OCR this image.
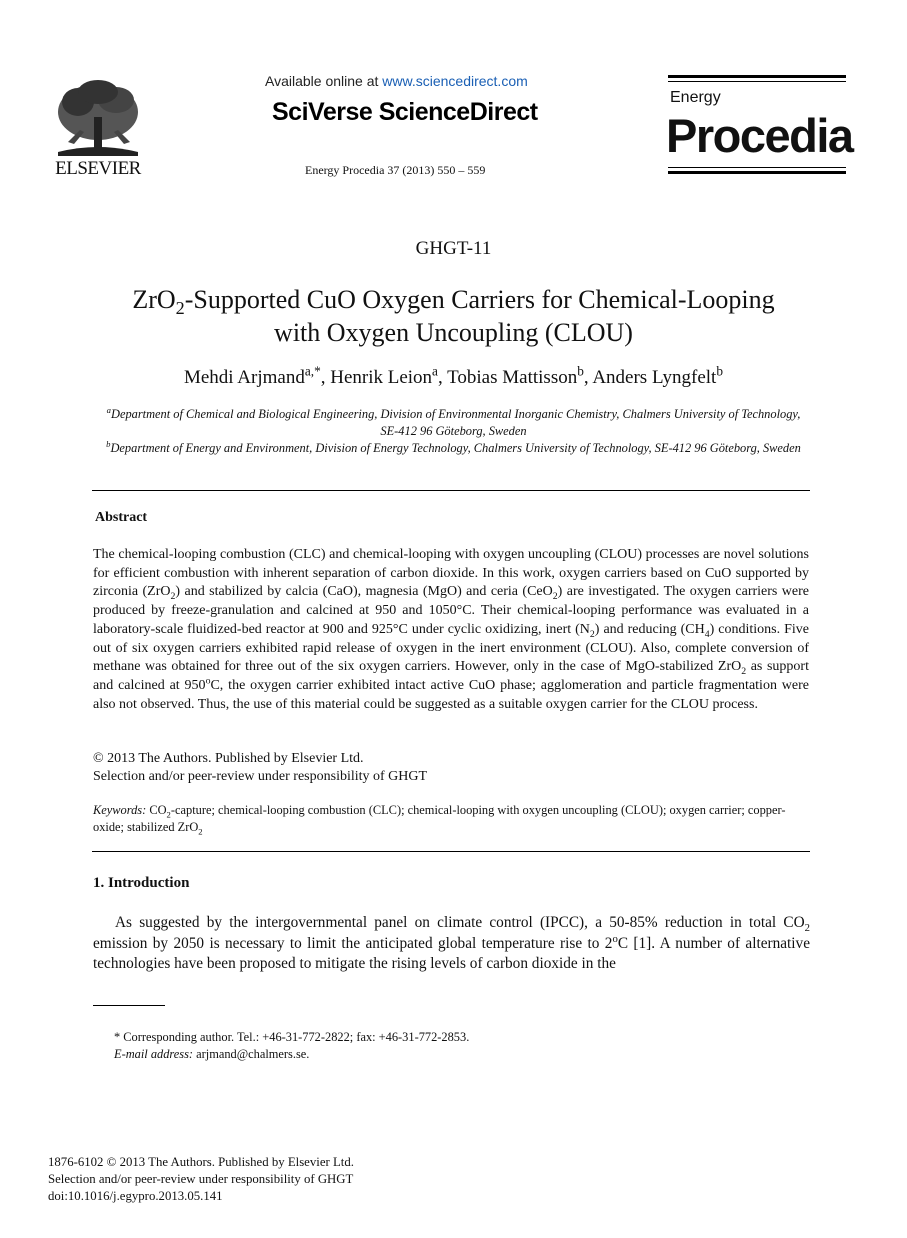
ELSEVIER
Available online at www.sciencedirect.com
SciVerse ScienceDirect
Energy Procedia 37 (2013) 550 – 559
Energy
Procedia
GHGT-11
ZrO$_2$-Supported CuO Oxygen Carriers for Chemical-Looping
with Oxygen Uncoupling (CLOU)
Mehdi Arjmand$^{a,*}$, Henrik Leion$^a$, Tobias Mattisson$^b$, Anders Lyngfelt$^b$
$^a$Department of Chemical and Biological Engineering, Division of Environmental Inorganic Chemistry, Chalmers University of Technology, SE-412 96 Göteborg, Sweden
$^b$Department of Energy and Environment, Division of Energy Technology, Chalmers University of Technology, SE-412 96 Göteborg, Sweden
Abstract
The chemical-looping combustion (CLC) and chemical-looping with oxygen uncoupling (CLOU) processes are novel solutions for efficient combustion with inherent separation of carbon dioxide. In this work, oxygen carriers based on CuO supported by zirconia (ZrO$_2$) and stabilized by calcia (CaO), magnesia (MgO) and ceria (CeO$_2$) are investigated. The oxygen carriers were produced by freeze-granulation and calcined at 950 and 1050°C. Their chemical-looping performance was evaluated in a laboratory-scale fluidized-bed reactor at 900 and 925°C under cyclic oxidizing, inert $(N_2)$ and reducing $(CH_4)$ conditions. Five out of six oxygen carriers exhibited rapid release of oxygen in the inert environment (CLOU). Also, complete conversion of methane was obtained for three out of the six oxygen carriers. However, only in the case of MgO-stabilized ZrO$_2$ as support and calcined at 950$^o$C, the oxygen carrier exhibited intact active CuO phase; agglomeration and particle fragmentation were also not observed. Thus, the use of this material could be suggested as a suitable oxygen carrier for the CLOU process.
© 2013 The Authors. Published by Elsevier Ltd.
Selection and/or peer-review under responsibility of GHGT
Keywords: $CO_2$-capture; chemical-looping combustion (CLC); chemical-looping with oxygen uncoupling (CLOU); oxygen carrier; copper-oxide; stabilized ZrO$_2$
1. Introduction
As suggested by the intergovernmental panel on climate control (IPCC), a 50-85% reduction in total $CO_2$ emission by 2050 is necessary to limit the anticipated global temperature rise to 2$^o$C [1]. A number of alternative technologies have been proposed to mitigate the rising levels of carbon dioxide in the
* Corresponding author. Tel.: +46-31-772-2822; fax: +46-31-772-2853.
E-mail address: arjmand@chalmers.se.
1876-6102 © 2013 The Authors. Published by Elsevier Ltd.
Selection and/or peer-review under responsibility of GHGT
doi:10.1016/j.egypro.2013.05.141
